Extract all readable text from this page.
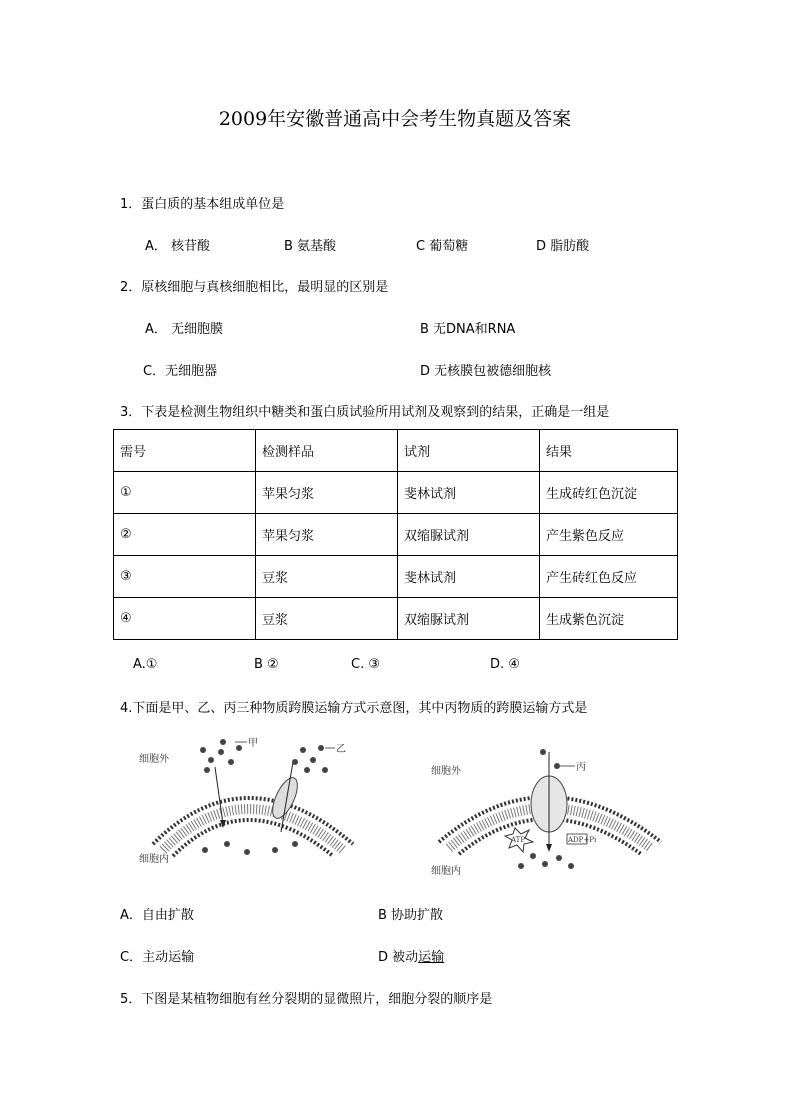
2009年安徽普通高中会考生物真题及答案
1．蛋白质的基本组成单位是
A． 核苷酸	B 氨基酸	C 葡萄糖	D 脂肪酸
2．原核细胞与真核细胞相比，最明显的区别是
A． 无细胞膜	B 无DNA和RNA
C．无细胞器	D 无核膜包被德细胞核
3．下表是检测生物组织中糖类和蛋白质试验所用试剂及观察到的结果，正确是一组是
需号	检测样品	试剂	结果
①	苹果匀浆	斐林试剂	生成砖红色沉淀
②	苹果匀浆	双缩脲试剂	产生紫色反应
③	豆浆	斐林试剂	产生砖红色反应
④	豆浆	双缩脲试剂	生成紫色沉淀
A.①	B ②	C. ③	D. ④
4.下面是甲、乙、丙三种物质跨膜运输方式示意图，其中丙物质的跨膜运输方式是
甲
乙
细胞外
细胞内
ATP	ADP+Pi
丙
细胞外
细胞内
A．自由扩散	B 协助扩散
C．主动运输	D 被动运输
5．下图是某植物细胞有丝分裂期的显微照片，细胞分裂的顺序是
